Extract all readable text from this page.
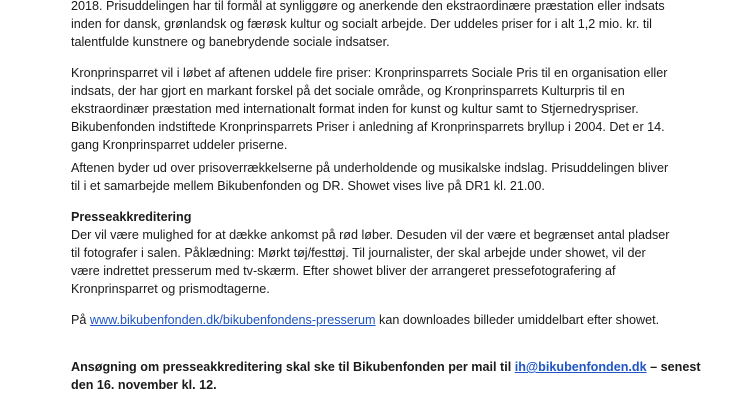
2018. Prisuddelingen har til formål at synliggøre og anerkende den ekstraordinære præstation eller indsats
inden for dansk, grønlandsk og færøsk kultur og socialt arbejde. Der uddeles priser for i alt 1,2 mio. kr. til
talentfulde kunstnere og banebrydende sociale indsatser.

Kronprinsparret vil i løbet af aftenen uddele fire priser: Kronprinsparrets Sociale Pris til en organisation eller
indsats, der har gjort en markant forskel på det sociale område, og Kronprinsparrets Kulturpris til en
ekstraordinær præstation med internationalt format inden for kunst og kultur samt to Stjernedryspriser.
Bikubenfonden indstiftede Kronprinsparrets Priser i anledning af Kronprinsparrets bryllup i 2004. Det er 14.
gang Kronprinsparret uddeler priserne.

Aftenen byder ud over prisoverrækkelserne på underholdende og musikalske indslag. Prisuddelingen bliver
til i et samarbejde mellem Bikubenfonden og DR. Showet vises live på DR1 kl. 21.00.

Presseakkreditering
Der vil være mulighed for at dække ankomst på rød løber. Desuden vil der være et begrænset antal pladser
til fotografer i salen. Påklædning: Mørkt tøj/festtøj. Til journalister, der skal arbejde under showet, vil der
være indrettet presserum med tv-skærm. Efter showet bliver der arrangeret pressefotografering af
Kronprinsparret og prismodtagerne.

På www.bikubenfonden.dk/bikubenfondens-presserum kan downloades billeder umiddelbart efter showet.

Ansøgning om presseakkreditering skal ske til Bikubenfonden per mail til ih@bikubenfonden.dk – senest
den 16. november kl. 12.
